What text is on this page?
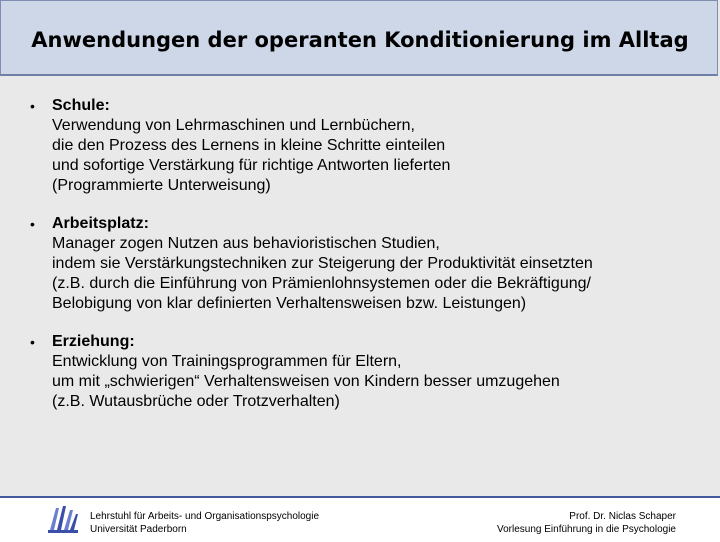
Anwendungen der operanten Konditionierung im Alltag
• Schule:
Verwendung von Lehrmaschinen und Lernbüchern,
die den Prozess des Lernens in kleine Schritte einteilen
und sofortige Verstärkung für richtige Antworten lieferten
(Programmierte Unterweisung)
• Arbeitsplatz:
Manager zogen Nutzen aus behavioristischen Studien,
indem sie Verstärkungstechniken zur Steigerung der Produktivität einsetzten
(z.B. durch die Einführung von Prämienlohnsystemen oder die Bekräftigung/
Belobigung von klar definierten Verhaltensweisen bzw. Leistungen)
• Erziehung:
Entwicklung von Trainingsprogrammen für Eltern,
um mit „schwierigen“ Verhaltensweisen von Kindern besser umzugehen
(z.B. Wutausbrüche oder Trotzverhalten)
Lehrstuhl für Arbeits- und Organisationspsychologie
Universität Paderborn
Prof. Dr. Niclas Schaper
Vorlesung Einführung in die Psychologie
